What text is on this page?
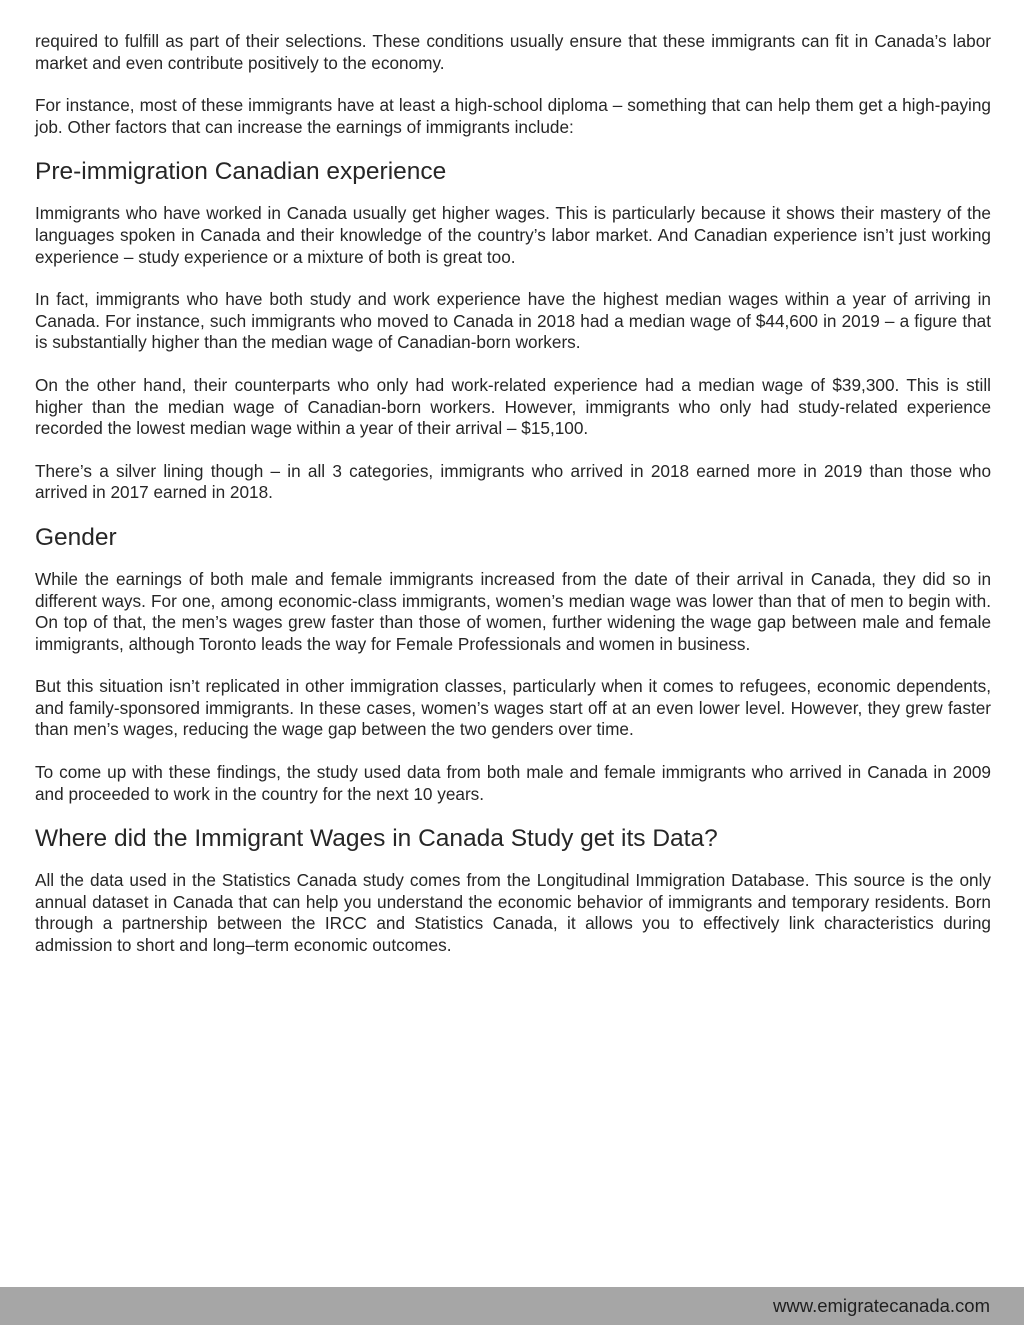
required to fulfill as part of their selections. These conditions usually ensure that these immigrants can fit in Canada’s labor market and even contribute positively to the economy.

For instance, most of these immigrants have at least a high-school diploma – something that can help them get a high-paying job. Other factors that can increase the earnings of immigrants include:

Pre-immigration Canadian experience

Immigrants who have worked in Canada usually get higher wages. This is particularly because it shows their mastery of the languages spoken in Canada and their knowledge of the country’s labor market. And Canadian experience isn’t just working experience – study experience or a mixture of both is great too.

In fact, immigrants who have both study and work experience have the highest median wages within a year of arriving in Canada. For instance, such immigrants who moved to Canada in 2018 had a median wage of $44,600 in 2019 – a figure that is substantially higher than the median wage of Canadian-born workers.

On the other hand, their counterparts who only had work-related experience had a median wage of $39,300. This is still higher than the median wage of Canadian-born workers. However, immigrants who only had study-related experience recorded the lowest median wage within a year of their arrival – $15,100.

There’s a silver lining though – in all 3 categories, immigrants who arrived in 2018 earned more in 2019 than those who arrived in 2017 earned in 2018.

Gender

While the earnings of both male and female immigrants increased from the date of their arrival in Canada, they did so in different ways. For one, among economic-class immigrants, women’s median wage was lower than that of men to begin with. On top of that, the men’s wages grew faster than those of women, further widening the wage gap between male and female immigrants, although Toronto leads the way for Female Professionals and women in business.

But this situation isn’t replicated in other immigration classes, particularly when it comes to refugees, economic dependents, and family-sponsored immigrants. In these cases, women’s wages start off at an even lower level. However, they grew faster than men’s wages, reducing the wage gap between the two genders over time.

To come up with these findings, the study used data from both male and female immigrants who arrived in Canada in 2009 and proceeded to work in the country for the next 10 years.

Where did the Immigrant Wages in Canada Study get its Data?

All the data used in the Statistics Canada study comes from the Longitudinal Immigration Database. This source is the only annual dataset in Canada that can help you understand the economic behavior of immigrants and temporary residents. Born through a partnership between the IRCC and Statistics Canada, it allows you to effectively link characteristics during admission to short and long–term economic outcomes.

www.emigratecanada.com
